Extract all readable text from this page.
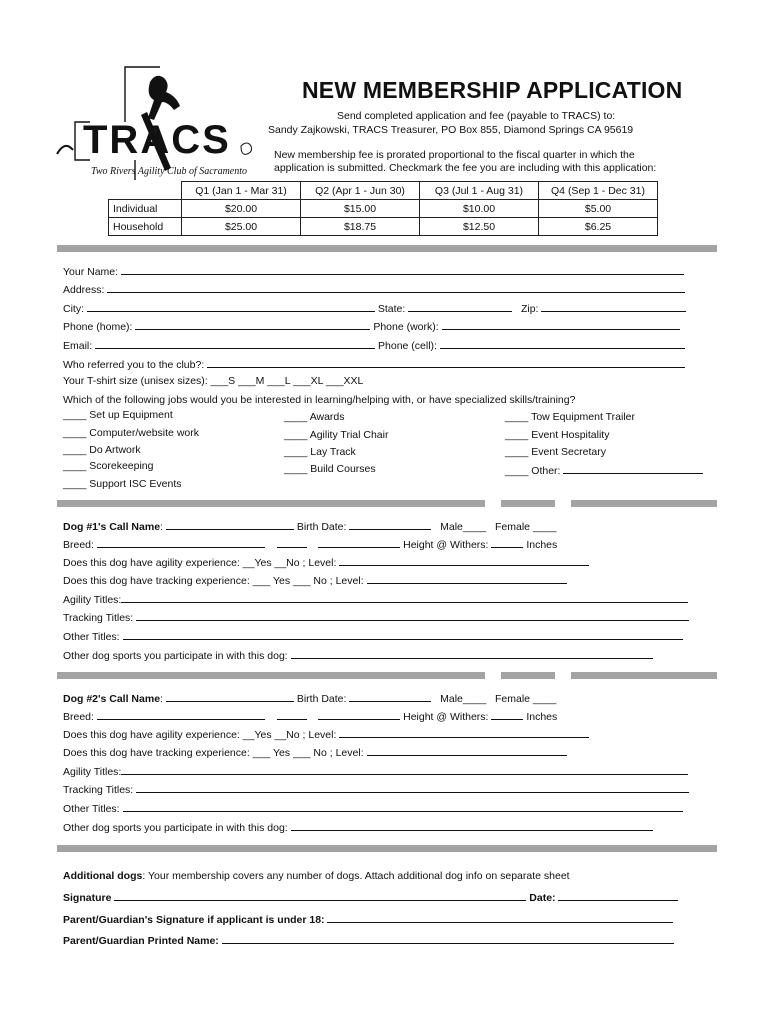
TRACS
Two Rivers Agility Club of Sacramento
NEW MEMBERSHIP APPLICATION
Send completed application and fee (payable to TRACS) to:
Sandy Zajkowski, TRACS Treasurer, PO Box 855, Diamond Springs CA 95619
New membership fee is prorated proportional to the fiscal quarter in which the
application is submitted. Checkmark the fee you are including with this application:
	Q1 (Jan 1 - Mar 31)	Q2 (Apr 1 - Jun 30)	Q3 (Jul 1 - Aug 31)	Q4 (Sep 1 - Dec 31)
Individual	$20.00	$15.00	$10.00	$5.00
Household	$25.00	$18.75	$12.50	$6.25
Your Name:
Address:
City:	State:	Zip:
Phone (home):	Phone (work):
Email:	Phone (cell):
Who referred you to the club?:
Your T-shirt size (unisex sizes): ___S ___M ___L ___XL ___XXL
Which of the following jobs would you be interested in learning/helping with, or have specialized skills/training?
____ Set up Equipment
____ Computer/website work
____ Do Artwork
____ Scorekeeping
____ Support ISC Events
____ Awards
____ Agility Trial Chair
____ Lay Track
____ Build Courses
____ Tow Equipment Trailer
____ Event Hospitality
____ Event Secretary
____ Other:
Dog #1's Call Name:	Birth Date:	Male____ Female ____
Breed:	Height @ Withers:	Inches
Does this dog have agility experience: __Yes __No ; Level:
Does this dog have tracking experience: ___ Yes ___ No ; Level:
Agility Titles:
Tracking Titles:
Other Titles:
Other dog sports you participate in with this dog:
Dog #2's Call Name:	Birth Date:	Male____ Female ____
Breed:	Height @ Withers:	Inches
Does this dog have agility experience: __Yes __No ; Level:
Does this dog have tracking experience: ___ Yes ___ No ; Level:
Agility Titles:
Tracking Titles:
Other Titles:
Other dog sports you participate in with this dog:
Additional dogs: Your membership covers any number of dogs. Attach additional dog info on separate sheet
Signature	Date:
Parent/Guardian's Signature if applicant is under 18:
Parent/Guardian Printed Name:
